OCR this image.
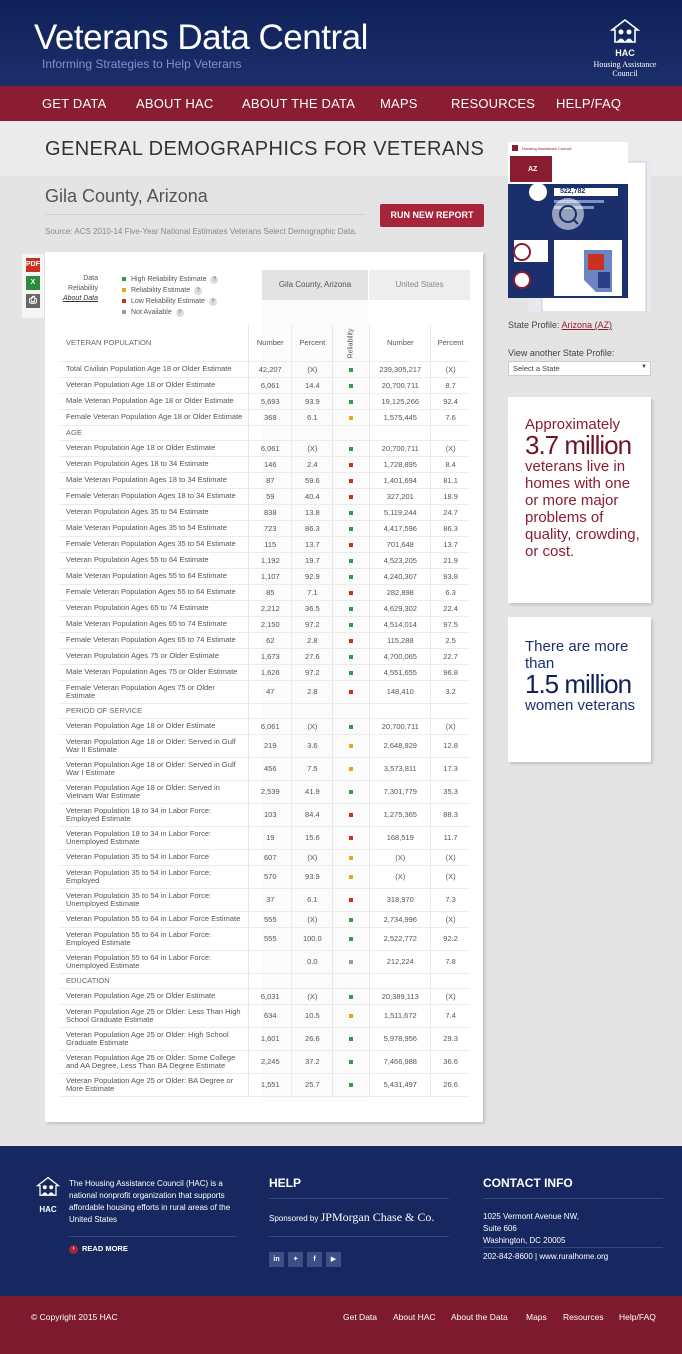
Veterans Data Central
Informing Strategies to Help Veterans
HAC
Housing Assistance Council
GET DATA ABOUT HAC ABOUT THE DATA MAPS	RESOURCES HELP/FAQ
GENERAL DEMOGRAPHICS FOR VETERANS
Gila County, Arizona
Source: ACS 2010-14 Five-Year National Estimates Veterans Select Demographic Data.
RUN NEW REPORT
PDF
X
⎙
Data Reliability
About Data
High Reliability Estimate ?
Reliability Estimate ?
Low Reliability Estimate ?
Not Available ?
Gila County, Arizona	United States
VETERAN POPULATION	Number	Percent	Reliability	Number	Percent
Total Civilian Population Age 18 or Older Estimate	42,207	(X)		239,305,217	(X)
Veteran Population Age 18 or Older Estimate	6,061	14.4		20,700,711	8.7
Male Veteran Population Age 18 or Older Estimate	5,693	93.9		19,125,266	92.4
Female Veteran Population Age 18 or Older Estimate	368	6.1		1,575,445	7.6
AGE					
Veteran Population Age 18 or Older Estimate	6,061	(X)		20,700,711	(X)
Veteran Population Ages 18 to 34 Estimate	146	2.4		1,728,895	8.4
Male Veteran Population Ages 18 to 34 Estimate	87	59.6		1,401,694	81.1
Female Veteran Population Ages 18 to 34 Estimate	59	40.4		327,201	18.9
Veteran Population Ages 35 to 54 Estimate	838	13.8		5,119,244	24.7
Male Veteran Population Ages 35 to 54 Estimate	723	86.3		4,417,596	86.3
Female Veteran Population Ages 35 to 54 Estimate	115	13.7		701,648	13.7
Veteran Population Ages 55 to 64 Estimate	1,192	19.7		4,523,205	21.9
Male Veteran Population Ages 55 to 64 Estimate	1,107	92.9		4,240,307	93.8
Female Veteran Population Ages 55 to 64 Estimate	85	7.1		282,898	6.3
Veteran Population Ages 65 to 74 Estimate	2,212	36.5		4,629,302	22.4
Male Veteran Population Ages 65 to 74 Estimate	2,150	97.2		4,514,014	97.5
Female Veteran Population Ages 65 to 74 Estimate	62	2.8		115,288	2.5
Veteran Population Ages 75 or Older Estimate	1,673	27.6		4,700,065	22.7
Male Veteran Population Ages 75 or Older Estimate	1,626	97.2		4,551,655	96.8
Female Veteran Population Ages 75 or Older Estimate	47	2.8		148,410	3.2
PERIOD OF SERVICE					
Veteran Population Age 18 or Older Estimate	6,061	(X)		20,700,711	(X)
Veteran Population Age 18 or Older: Served in Gulf War II Estimate	219	3.6		2,648,929	12.8
Veteran Population Age 18 or Older: Served in Gulf War I Estimate	456	7.5		3,573,811	17.3
Veteran Population Age 18 or Older: Served in Vietnam War Estimate	2,539	41.9		7,301,779	35.3
Veteran Population 18 to 34 in Labor Force: Employed Estimate	103	84.4		1,275,365	88.3
Veteran Population 18 to 34 in Labor Force: Unemployed Estimate	19	15.6		168,519	11.7
Veteran Population 35 to 54 in Labor Force	607	(X)		(X)	(X)
Veteran Population 35 to 54 in Labor Force: Employed	570	93.9		(X)	(X)
Veteran Population 35 to 54 in Labor Force: Unemployed Estimate	37	6.1		318,970	7.3
Veteran Population 55 to 64 in Labor Force Estimate	555	(X)		2,734,996	(X)
Veteran Population 55 to 64 in Labor Force: Employed Estimate	555	100.0		2,522,772	92.2
Veteran Population 55 to 64 in Labor Force: Unemployed Estimate		0.0		212,224	7.8
EDUCATION					
Veteran Population Age 25 or Older Estimate	6,031	(X)		20,389,113	(X)
Veteran Population Age 25 or Older: Less Than High School Graduate Estimate	634	10.5		1,511,672	7.4
Veteran Population Age 25 or Older: High School Graduate Estimate	1,601	26.6		5,978,956	29.3
Veteran Population Age 25 or Older: Some College and AA Degree, Less Than BA Degree Estimate	2,245	37.2		7,466,988	36.6
Veteran Population Age 25 or Older: BA Degree or More Estimate	1,551	25.7		5,431,497	26.6
SUPPORTING VETERANS
IN ARIZONA
Housing Assistance Council
AZ
522,782
State Profile: Arizona (AZ)
View another State Profile:
Select a State	▼
Approximately
3.7 million
veterans live in homes with one or more major problems of quality, crowding, or cost.
There are more than
1.5 million
women veterans
HAC
The Housing Assistance Council (HAC) is a national nonprofit organization that supports affordable housing efforts in rural areas of the United States
› READ MORE
HELP
Sponsored by JPMorgan Chase & Co.
in ✦ f ▶
CONTACT INFO
1025 Vermont Avenue NW,
Suite 606
Washington, DC 20005
202-842-8600 | www.ruralhome.org
© Copyright 2015 HAC	Get Data About HAC About the Data Maps Resources Help/FAQ
